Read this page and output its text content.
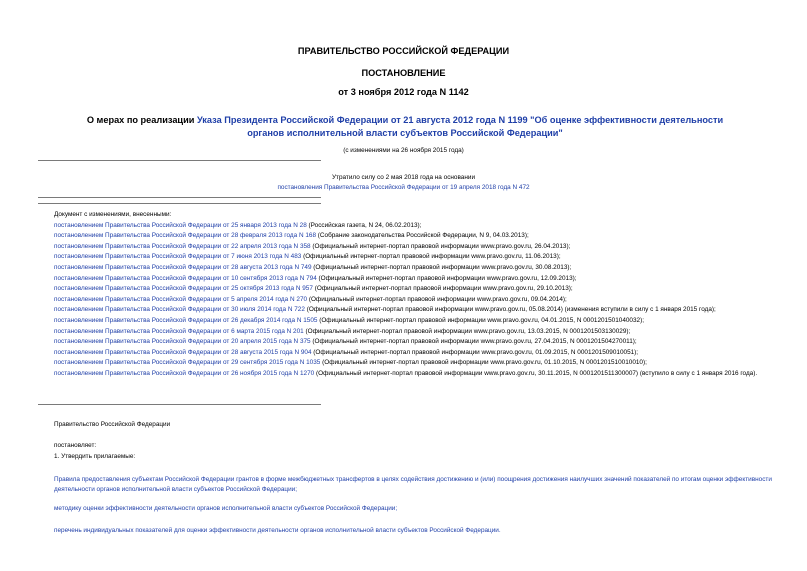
ПРАВИТЕЛЬСТВО РОССИЙСКОЙ ФЕДЕРАЦИИ
ПОСТАНОВЛЕНИЕ
от 3 ноября 2012 года N 1142
О мерах по реализации Указа Президента Российской Федерации от 21 августа 2012 года N 1199 "Об оценке эффективности деятельности органов исполнительной власти субъектов Российской Федерации"
(с изменениями на 26 ноября 2015 года)
Утратило силу со 2 мая 2018 года на основании
постановления Правительства Российской Федерации от 19 апреля 2018 года N 472
Документ с изменениями, внесенными:
постановлением Правительства Российской Федерации от 25 января 2013 года N 28 (Российская газета, N 24, 06.02.2013);
постановлением Правительства Российской Федерации от 28 февраля 2013 года N 168 (Собрание законодательства Российской Федерации, N 9, 04.03.2013);
постановлением Правительства Российской Федерации от 22 апреля 2013 года N 358 (Официальный интернет-портал правовой информации www.pravo.gov.ru, 26.04.2013);
постановлением Правительства Российской Федерации от 7 июня 2013 года N 483 (Официальный интернет-портал правовой информации www.pravo.gov.ru, 11.06.2013);
постановлением Правительства Российской Федерации от 28 августа 2013 года N 749 (Официальный интернет-портал правовой информации www.pravo.gov.ru, 30.08.2013);
постановлением Правительства Российской Федерации от 10 сентября 2013 года N 794 (Официальный интернет-портал правовой информации www.pravo.gov.ru, 12.09.2013);
постановлением Правительства Российской Федерации от 25 октября 2013 года N 957 (Официальный интернет-портал правовой информации www.pravo.gov.ru, 29.10.2013);
постановлением Правительства Российской Федерации от 5 апреля 2014 года N 270 (Официальный интернет-портал правовой информации www.pravo.gov.ru, 09.04.2014);
постановлением Правительства Российской Федерации от 30 июля 2014 года N 722 (Официальный интернет-портал правовой информации www.pravo.gov.ru, 05.08.2014) (изменения вступили в силу с 1 января 2015 года);
постановлением Правительства Российской Федерации от 26 декабря 2014 года N 1505 (Официальный интернет-портал правовой информации www.pravo.gov.ru, 04.01.2015, N 0001201501040032);
постановлением Правительства Российской Федерации от 6 марта 2015 года N 201 (Официальный интернет-портал правовой информации www.pravo.gov.ru, 13.03.2015, N 0001201503130029);
постановлением Правительства Российской Федерации от 20 апреля 2015 года N 375 (Официальный интернет-портал правовой информации www.pravo.gov.ru, 27.04.2015, N 0001201504270011);
постановлением Правительства Российской Федерации от 28 августа 2015 года N 904 (Официальный интернет-портал правовой информации www.pravo.gov.ru, 01.09.2015, N 0001201509010051);
постановлением Правительства Российской Федерации от 29 сентября 2015 года N 1035 (Официальный интернет-портал правовой информации www.pravo.gov.ru, 01.10.2015, N 0001201510010010);
постановлением Правительства Российской Федерации от 26 ноября 2015 года N 1270 (Официальный интернет-портал правовой информации www.pravo.gov.ru, 30.11.2015, N 0001201511300007) (вступило в силу с 1 января 2016 года).
Правительство Российской Федерации
постановляет:
1. Утвердить прилагаемые:
Правила предоставления субъектам Российской Федерации грантов в форме межбюджетных трансфертов в целях содействия достижению и (или) поощрения достижения наилучших значений показателей по итогам оценки эффективности деятельности органов исполнительной власти субъектов Российской Федерации;
методику оценки эффективности деятельности органов исполнительной власти субъектов Российской Федерации;
перечень индивидуальных показателей для оценки эффективности деятельности органов исполнительной власти субъектов Российской Федерации.
